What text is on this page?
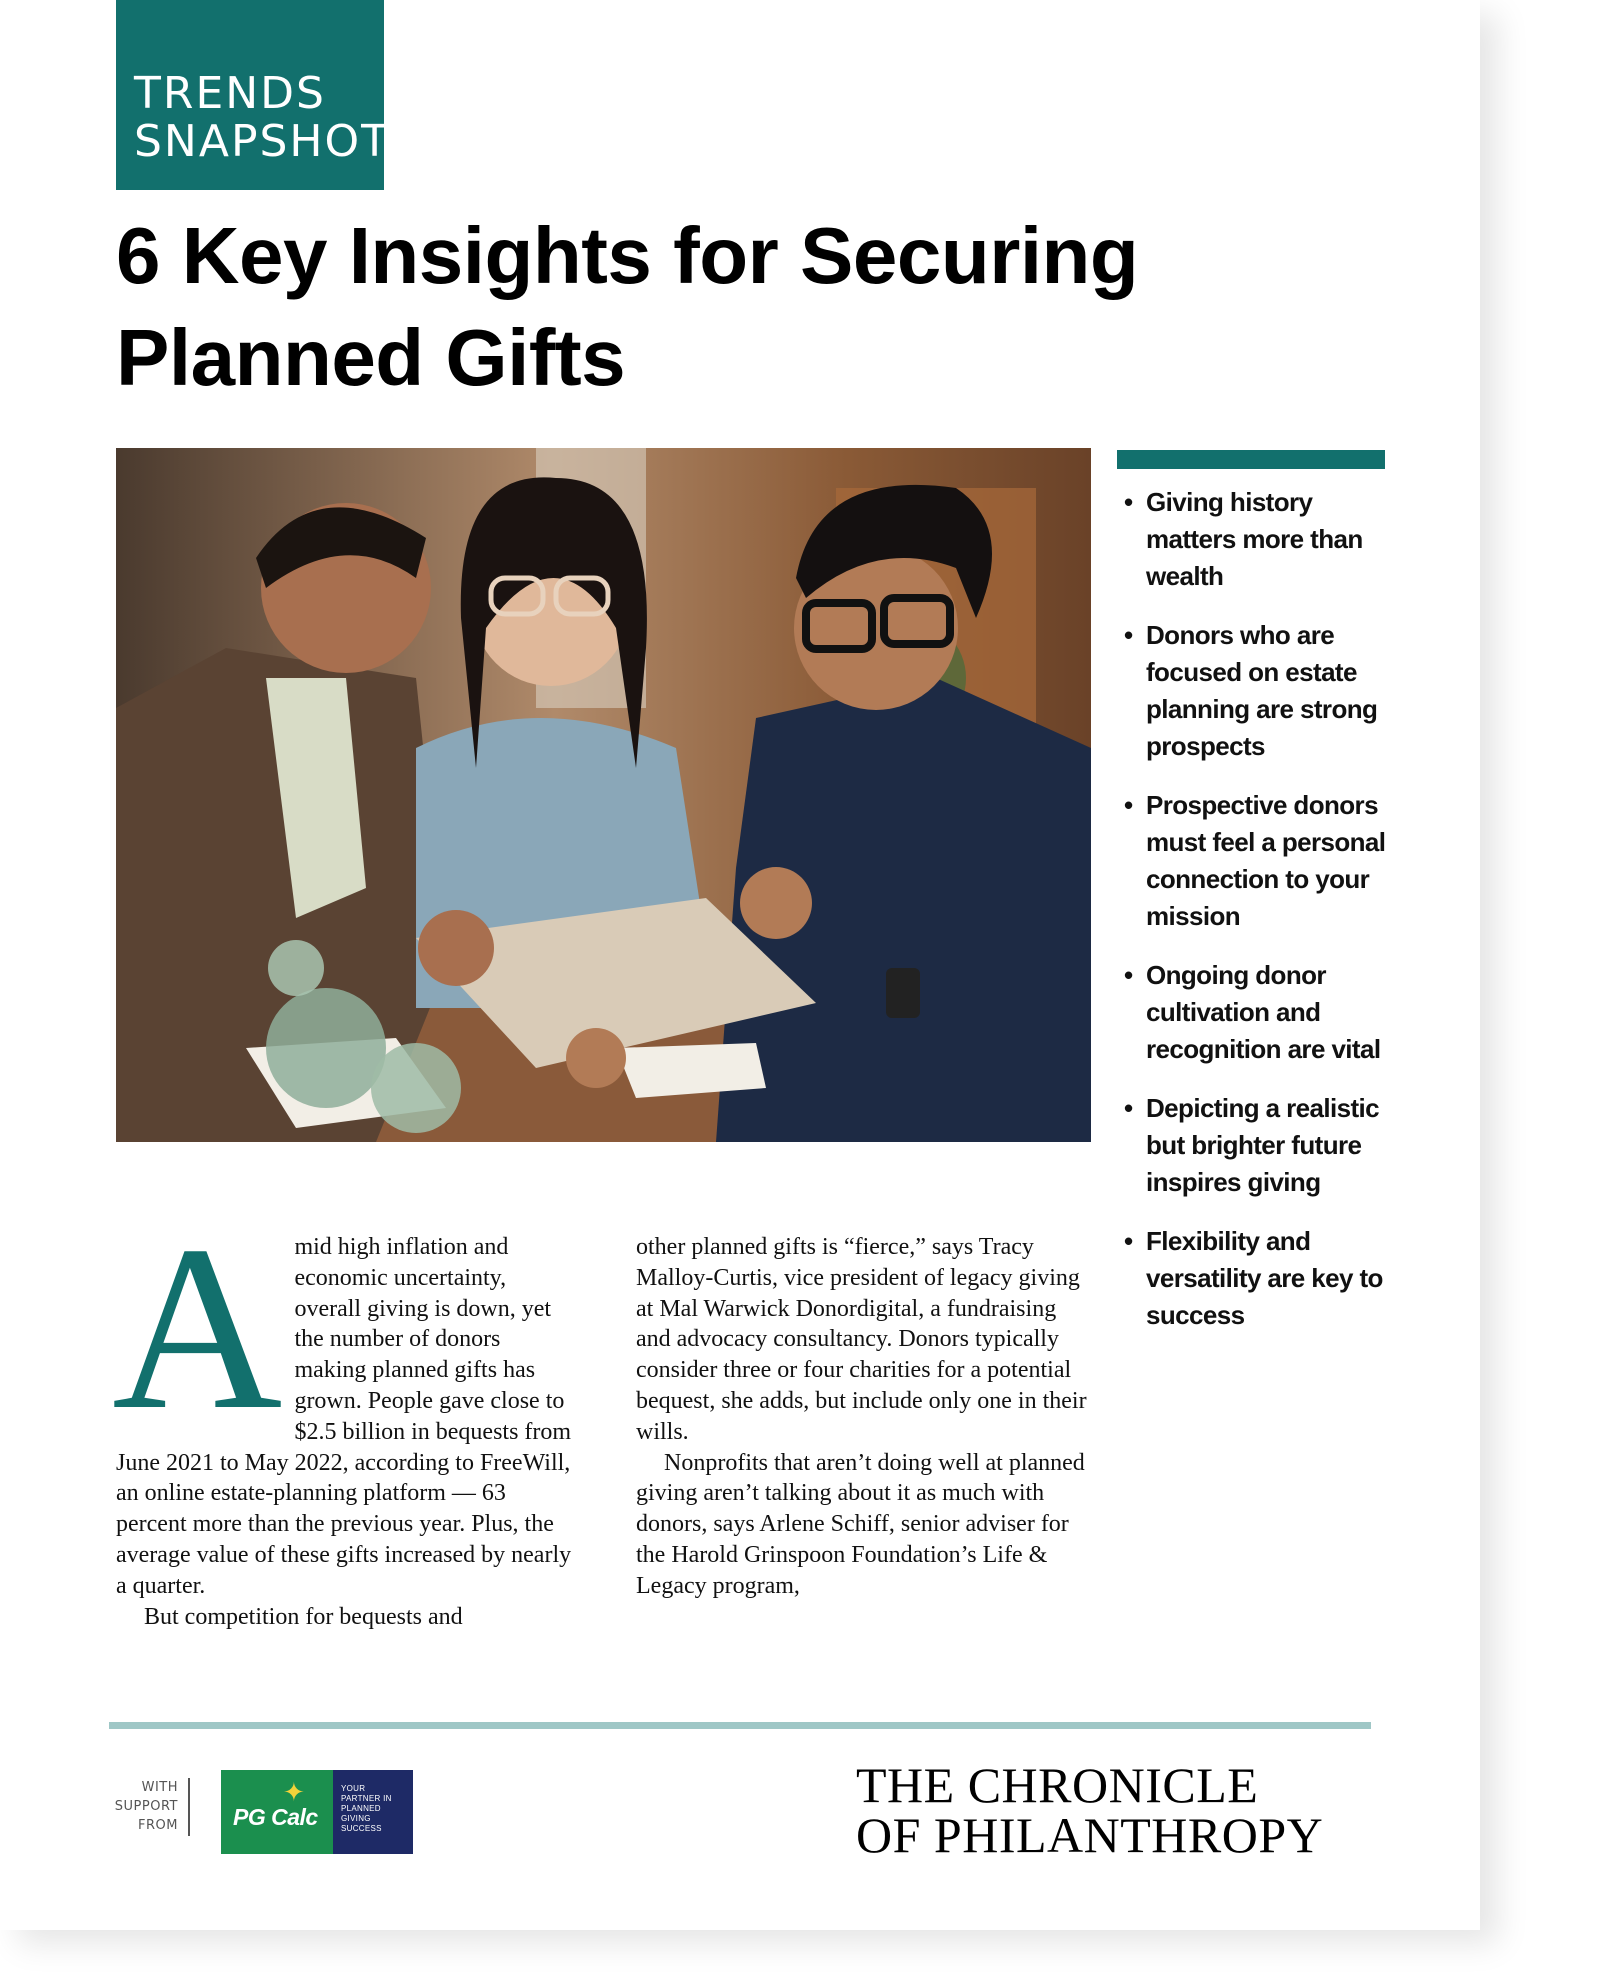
TRENDS
SNAPSHOT
6 Key Insights for Securing Planned Gifts
• Giving history matters more than wealth
• Donors who are focused on estate planning are strong prospects
• Prospective donors must feel a personal connection to your mission
• Ongoing donor cultivation and recognition are vital
• Depicting a realistic but brighter future inspires giving
• Flexibility and versatility are key to success

Amid high inflation and economic uncertainty, overall giving is down, yet the number of donors making planned gifts has grown. People gave close to $2.5 billion in bequests from June 2021 to May 2022, according to FreeWill, an online estate-planning platform — 63 percent more than the previous year. Plus, the average value of these gifts increased by nearly a quarter.

But competition for bequests and

other planned gifts is “fierce,” says Tracy Malloy-Curtis, vice president of legacy giving at Mal Warwick Donordigital, a fundraising and advocacy consultancy. Donors typically consider three or four charities for a potential bequest, she adds, but include only one in their wills.

Nonprofits that aren’t doing well at planned giving aren’t talking about it as much with donors, says Arlene Schiff, senior adviser for the Harold Grinspoon Foundation’s Life & Legacy program,

WITH
SUPPORT
FROM
✦
PG Calc
YOUR PARTNER IN PLANNED GIVING SUCCESS
THE CHRONICLE
OF PHILANTHROPY
